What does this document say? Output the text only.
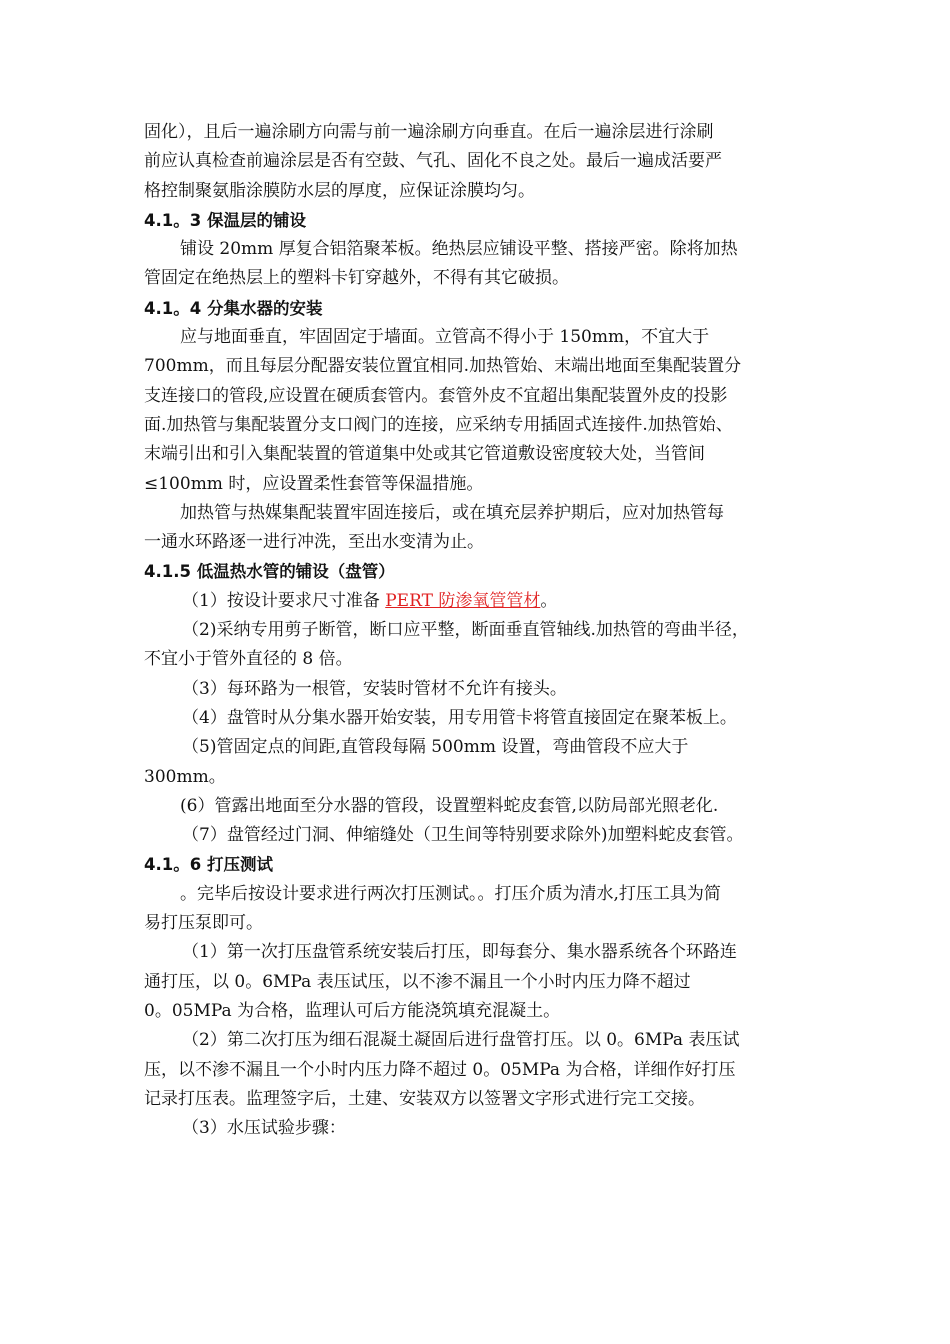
固化），且后一遍涂刷方向需与前一遍涂刷方向垂直。在后一遍涂层进行涂刷
前应认真检查前遍涂层是否有空鼓、气孔、固化不良之处。最后一遍成活要严
格控制聚氨脂涂膜防水层的厚度，应保证涂膜均匀。
4.1。3 保温层的铺设
铺设 20mm 厚复合铝箔聚苯板。绝热层应铺设平整、搭接严密。除将加热
管固定在绝热层上的塑料卡钉穿越外，不得有其它破损。
4.1。4 分集水器的安装
应与地面垂直，牢固固定于墙面。立管高不得小于 150mm，不宜大于
700mm，而且每层分配器安装位置宜相同.加热管始、末端出地面至集配装置分
支连接口的管段,应设置在硬质套管内。套管外皮不宜超出集配装置外皮的投影
面.加热管与集配装置分支口阀门的连接，应采纳专用插固式连接件.加热管始、
末端引出和引入集配装置的管道集中处或其它管道敷设密度较大处，当管间
≤100mm 时，应设置柔性套管等保温措施。
加热管与热媒集配装置牢固连接后，或在填充层养护期后，应对加热管每
一通水环路逐一进行冲洗，至出水变清为止。
4.1.5 低温热水管的铺设（盘管）
（1）按设计要求尺寸准备 PERT 防渗氧管管材。
（2)采纳专用剪子断管，断口应平整，断面垂直管轴线.加热管的弯曲半径，
不宜小于管外直径的 8 倍。
（3）每环路为一根管，安装时管材不允许有接头。
（4）盘管时从分集水器开始安装，用专用管卡将管直接固定在聚苯板上。
（5)管固定点的间距,直管段每隔 500mm 设置，弯曲管段不应大于
300mm。
(6）管露出地面至分水器的管段，设置塑料蛇皮套管,以防局部光照老化.
（7）盘管经过门洞、伸缩缝处（卫生间等特别要求除外)加塑料蛇皮套管。
4.1。6 打压测试
。完毕后按设计要求进行两次打压测试。。打压介质为清水,打压工具为简
易打压泵即可。
（1）第一次打压盘管系统安装后打压，即每套分、集水器系统各个环路连
通打压，以 0。6MPa 表压试压，以不渗不漏且一个小时内压力降不超过
0。05MPa 为合格，监理认可后方能浇筑填充混凝土。
（2）第二次打压为细石混凝土凝固后进行盘管打压。以 0。6MPa 表压试
压，以不渗不漏且一个小时内压力降不超过 0。05MPa 为合格，详细作好打压
记录打压表。监理签字后，土建、安装双方以签署文字形式进行完工交接。
（3）水压试验步骤：
